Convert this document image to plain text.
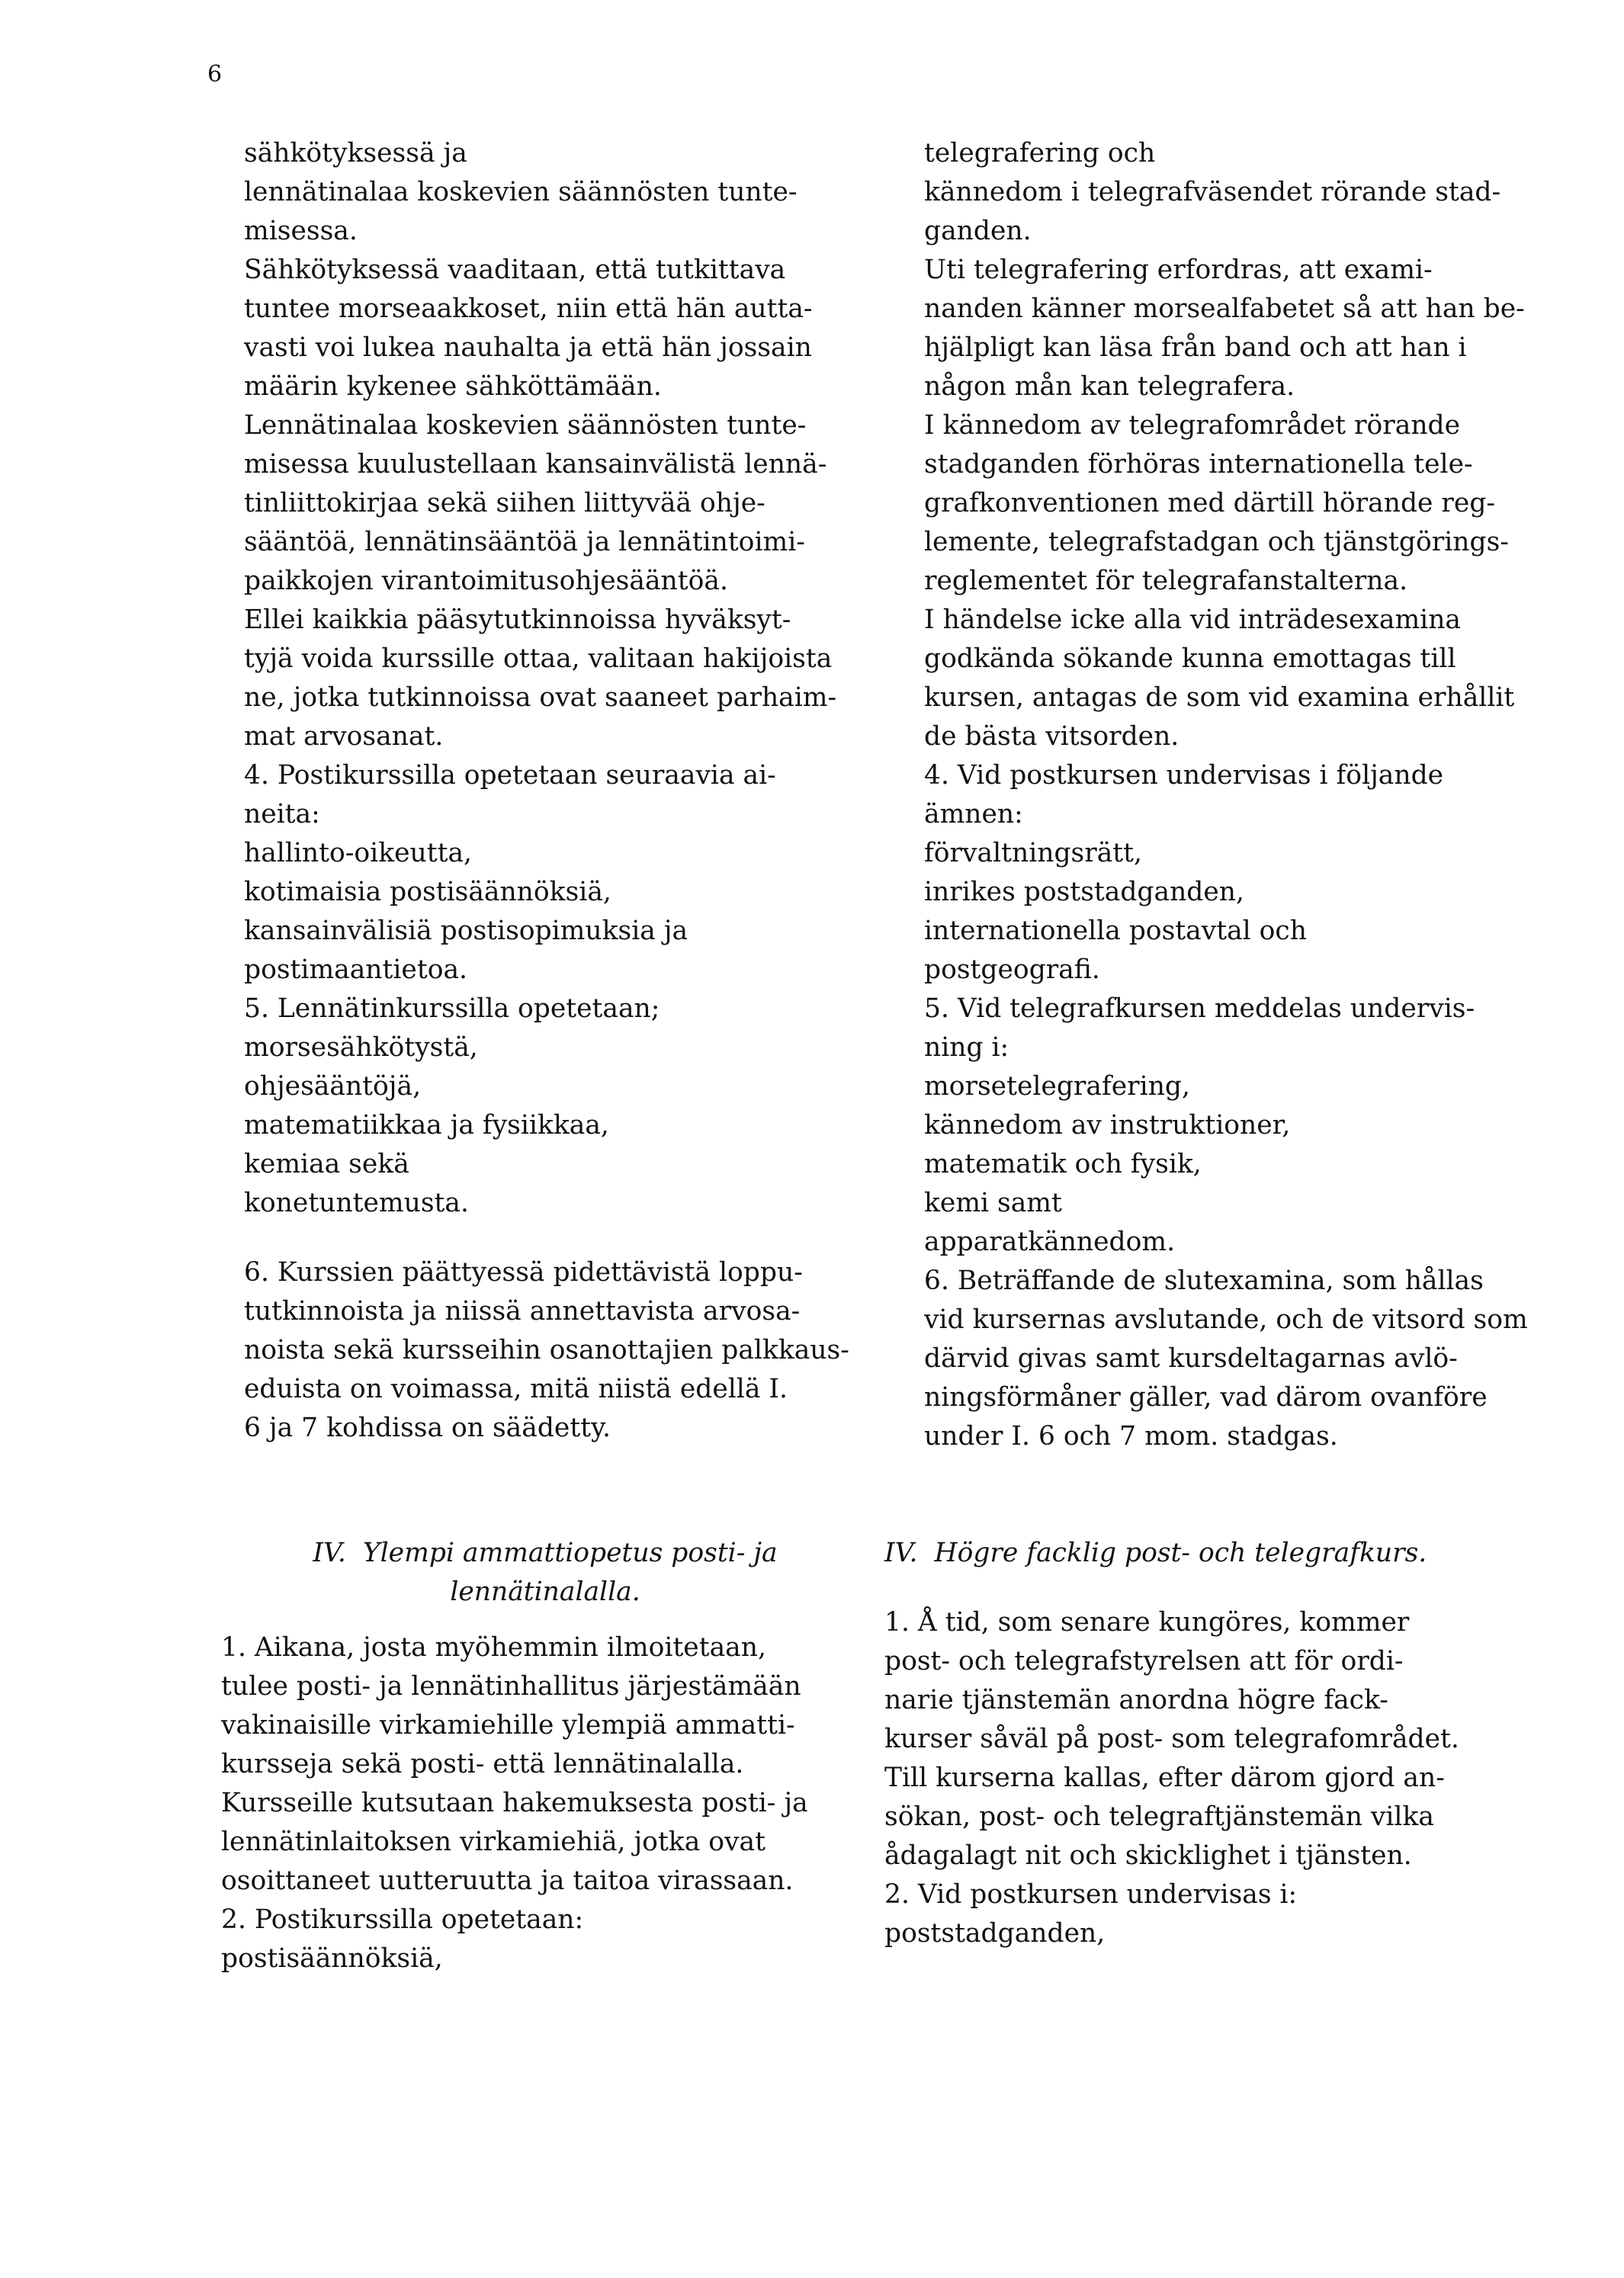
6
sähkötyksessä ja
lennätinalaa koskevien säännösten tunte-
misessa.
Sähkötyksessä vaaditaan, että tutkittava
tuntee morseaakkoset, niin että hän autta-
vasti voi lukea nauhalta ja että hän jossain
määrin kykenee sähköttämään.
Lennätinalaa koskevien säännösten tunte-
misessa kuulustellaan kansainvälistä lennä-
tinliittokirjaa sekä siihen liittyvää ohje-
sääntöä, lennätinsääntöä ja lennätintoimi-
paikkojen virantoimitusohjesääntöä.
Ellei kaikkia pääsytutkinnoissa hyväksyt-
tyjä voida kurssille ottaa, valitaan hakijoista
ne, jotka tutkinnoissa ovat saaneet parhaim-
mat arvosanat.
4. Postikurssilla opetetaan seuraavia ai-
neita:
hallinto-oikeutta,
kotimaisia postisäännöksiä,
kansainvälisiä postisopimuksia ja
postimaantietoa.
5. Lennätinkurssilla opetetaan;
morsesähkötystä,
ohjesääntöjä,
matematiikkaa ja fysiikkaa,
kemiaa sekä
konetuntemusta.
6. Kurssien päättyessä pidettävistä loppu-
tutkinnoista ja niissä annettavista arvosa-
noista sekä kursseihin osanottajien palkkaus-
eduista on voimassa, mitä niistä edellä I.
6 ja 7 kohdissa on säädetty.
telegrafering och
kännedom i telegrafväsendet rörande stad-
ganden.
Uti telegrafering erfordras, att exami-
nanden känner morsealfabetet så att han be-
hjälpligt kan läsa från band och att han i
någon mån kan telegrafera.
I kännedom av telegrafområdet rörande
stadganden förhöras internationella tele-
grafkonventionen med därtill hörande reg-
lemente, telegrafstadgan och tjänstgörings-
reglementet för telegrafanstalterna.
I händelse icke alla vid inträdesexamina
godkända sökande kunna emottagas till
kursen, antagas de som vid examina erhållit
de bästa vitsorden.
4. Vid postkursen undervisas i följande
ämnen:
förvaltningsrätt,
inrikes poststadganden,
internationella postavtal och
postgeografi.
5. Vid telegrafkursen meddelas undervis-
ning i:
morsetelegrafering,
kännedom av instruktioner,
matematik och fysik,
kemi samt
apparatkännedom.
6. Beträffande de slutexamina, som hållas
vid kursernas avslutande, och de vitsord som
därvid givas samt kursdeltagarnas avlö-
ningsförmåner gäller, vad därom ovanföre
under I. 6 och 7 mom. stadgas.
IV. Ylempi ammattiopetus posti- ja
lennätinalalla.
1. Aikana, josta myöhemmin ilmoitetaan,
tulee posti- ja lennätinhallitus järjestämään
vakinaisille virkamiehille ylempiä ammatti-
kursseja sekä posti- että lennätinalalla.
Kursseille kutsutaan hakemuksesta posti- ja
lennätinlaitoksen virkamiehiä, jotka ovat
osoittaneet uutteruutta ja taitoa virassaan.
2. Postikurssilla opetetaan:
postisäännöksiä,
IV. Högre facklig post- och telegrafkurs.
1. Å tid, som senare kungöres, kommer
post- och telegrafstyrelsen att för ordi-
narie tjänstemän anordna högre fack-
kurser såväl på post- som telegrafområdet.
Till kurserna kallas, efter därom gjord an-
sökan, post- och telegraftjänstemän vilka
ådagalagt nit och skicklighet i tjänsten.
2. Vid postkursen undervisas i:
poststadganden,
